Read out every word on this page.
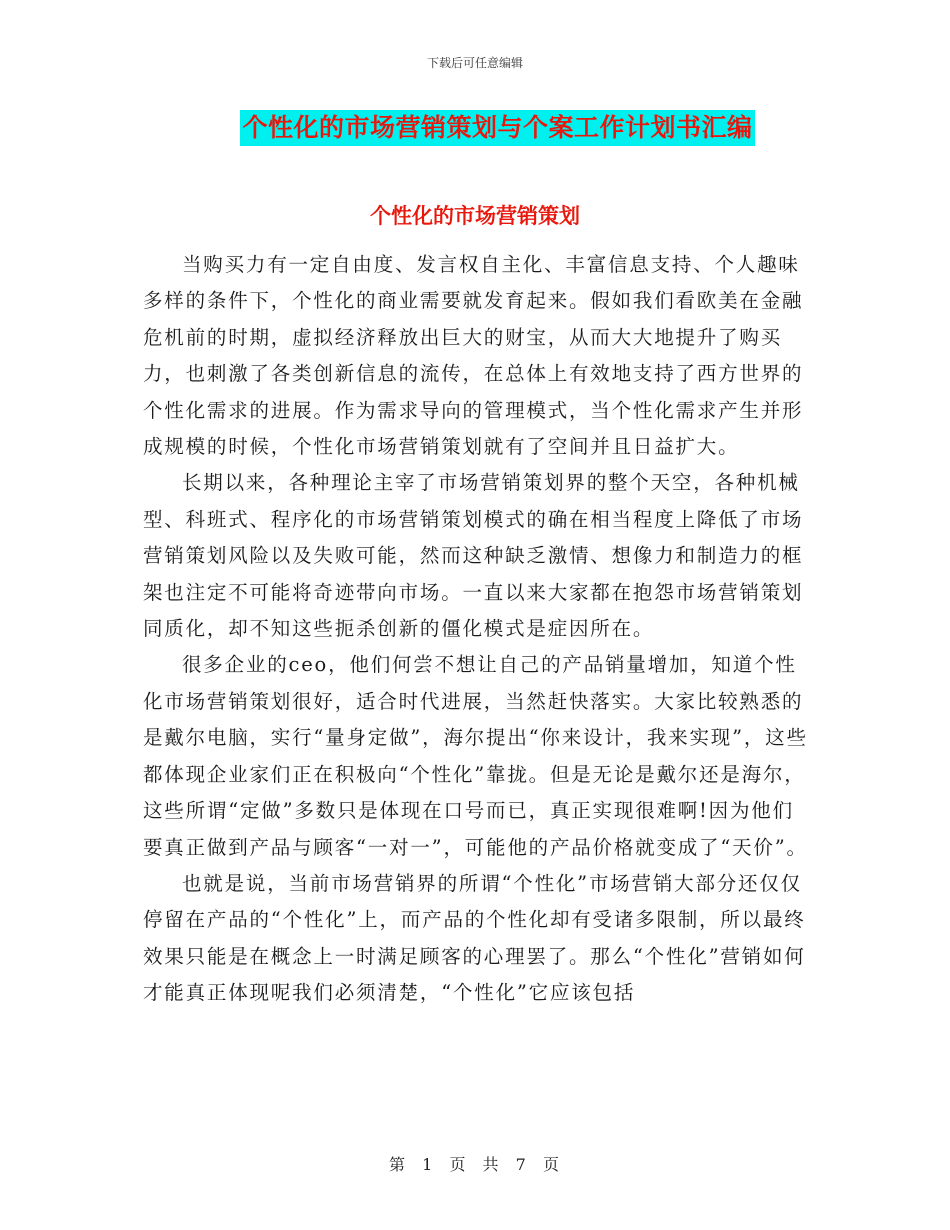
下载后可任意编辑
个性化的市场营销策划与个案工作计划书汇编
个性化的市场营销策划

当购买力有一定自由度、发言权自主化、丰富信息支持、个人趣味多样的条件下，个性化的商业需要就发育起来。假如我们看欧美在金融危机前的时期，虚拟经济释放出巨大的财宝，从而大大地提升了购买力，也刺激了各类创新信息的流传，在总体上有效地支持了西方世界的个性化需求的进展。作为需求导向的管理模式，当个性化需求产生并形成规模的时候，个性化市场营销策划就有了空间并且日益扩大。

长期以来，各种理论主宰了市场营销策划界的整个天空，各种机械型、科班式、程序化的市场营销策划模式的确在相当程度上降低了市场营销策划风险以及失败可能，然而这种缺乏激情、想像力和制造力的框架也注定不可能将奇迹带向市场。一直以来大家都在抱怨市场营销策划同质化，却不知这些扼杀创新的僵化模式是症因所在。

很多企业的ceo，他们何尝不想让自己的产品销量增加，知道个性化市场营销策划很好，适合时代进展，当然赶快落实。大家比较熟悉的是戴尔电脑，实行“量身定做”，海尔提出“你来设计，我来实现”，这些都体现企业家们正在积极向“个性化”靠拢。但是无论是戴尔还是海尔，这些所谓“定做”多数只是体现在口号而已，真正实现很难啊!因为他们要真正做到产品与顾客“一对一”，可能他的产品价格就变成了“天价”。

也就是说，当前市场营销界的所谓“个性化”市场营销大部分还仅仅停留在产品的“个性化”上，而产品的个性化却有受诸多限制，所以最终效果只能是在概念上一时满足顾客的心理罢了。那么“个性化”营销如何才能真正体现呢我们必须清楚，“个性化”它应该包括

第 1 页 共 7 页
